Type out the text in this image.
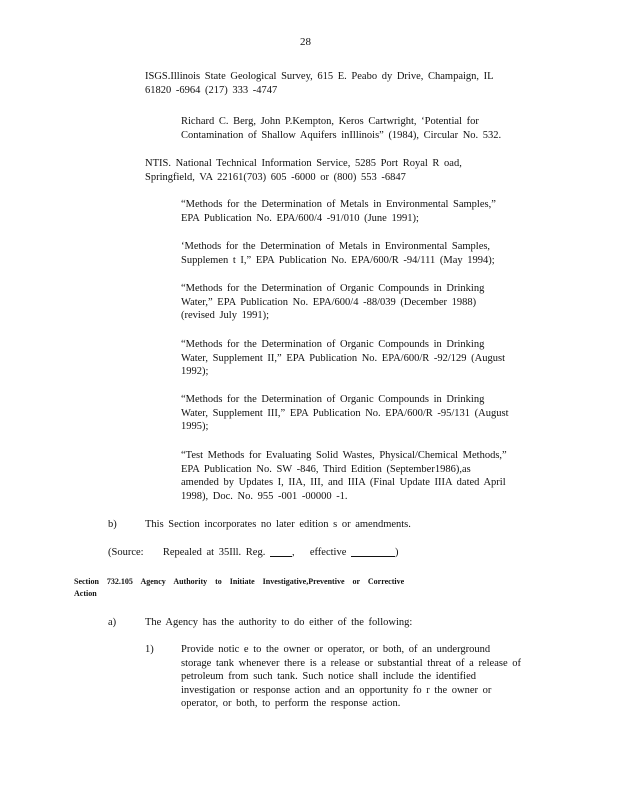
28
ISGS.Illinois State Geological Survey, 615 E. Peabo dy Drive, Champaign, IL
61820 -6964 (217) 333 -4747
Richard C. Berg, John P.Kempton, Keros Cartwright, ‘Potential for
Contamination of Shallow Aquifers inIllinois” (1984), Circular No. 532.
NTIS. National Technical Information Service, 5285 Port Royal R oad,
Springfield, VA 22161(703) 605 -6000 or (800) 553 -6847
“Methods for the Determination of Metals in Environmental Samples,”
EPA Publication No. EPA/600/4 -91/010 (June 1991);
‘Methods for the Determination of Metals in Environmental Samples,
Supplemen t I,” EPA Publication No. EPA/600/R -94/111 (May 1994);
“Methods for the Determination of Organic Compounds in Drinking
Water,” EPA Publication No. EPA/600/4 -88/039 (December 1988)
(revised July 1991);
“Methods for the Determination of Organic Compounds in Drinking
Water, Supplement II,” EPA Publication No. EPA/600/R -92/129 (August
1992);
“Methods for the Determination of Organic Compounds in Drinking
Water, Supplement III,” EPA Publication No. EPA/600/R -95/131 (August
1995);
“Test Methods for Evaluating Solid Wastes, Physical/Chemical Methods,”
EPA Publication No. SW -846, Third Edition (September1986),as
amended by Updates I, IIA, III, and IIIA (Final Update IIIA dated April
1998), Doc. No. 955 -001 -00000 -1.
b)	This Section incorporates no later edition s or amendments.
(Source: Repealed at 35Ill. Reg.	, effective	)
Section 732.105 Agency Authority to Initiate Investigative,Preventive or Corrective
Action
a)	The Agency has the authority to do either of the following:
1)	Provide notic e to the owner or operator, or both, of an underground
storage tank whenever there is a release or substantial threat of a release of
petroleum from such tank. Such notice shall include the identified
investigation or response action and an opportunity fo r the owner or
operator, or both, to perform the response action.
